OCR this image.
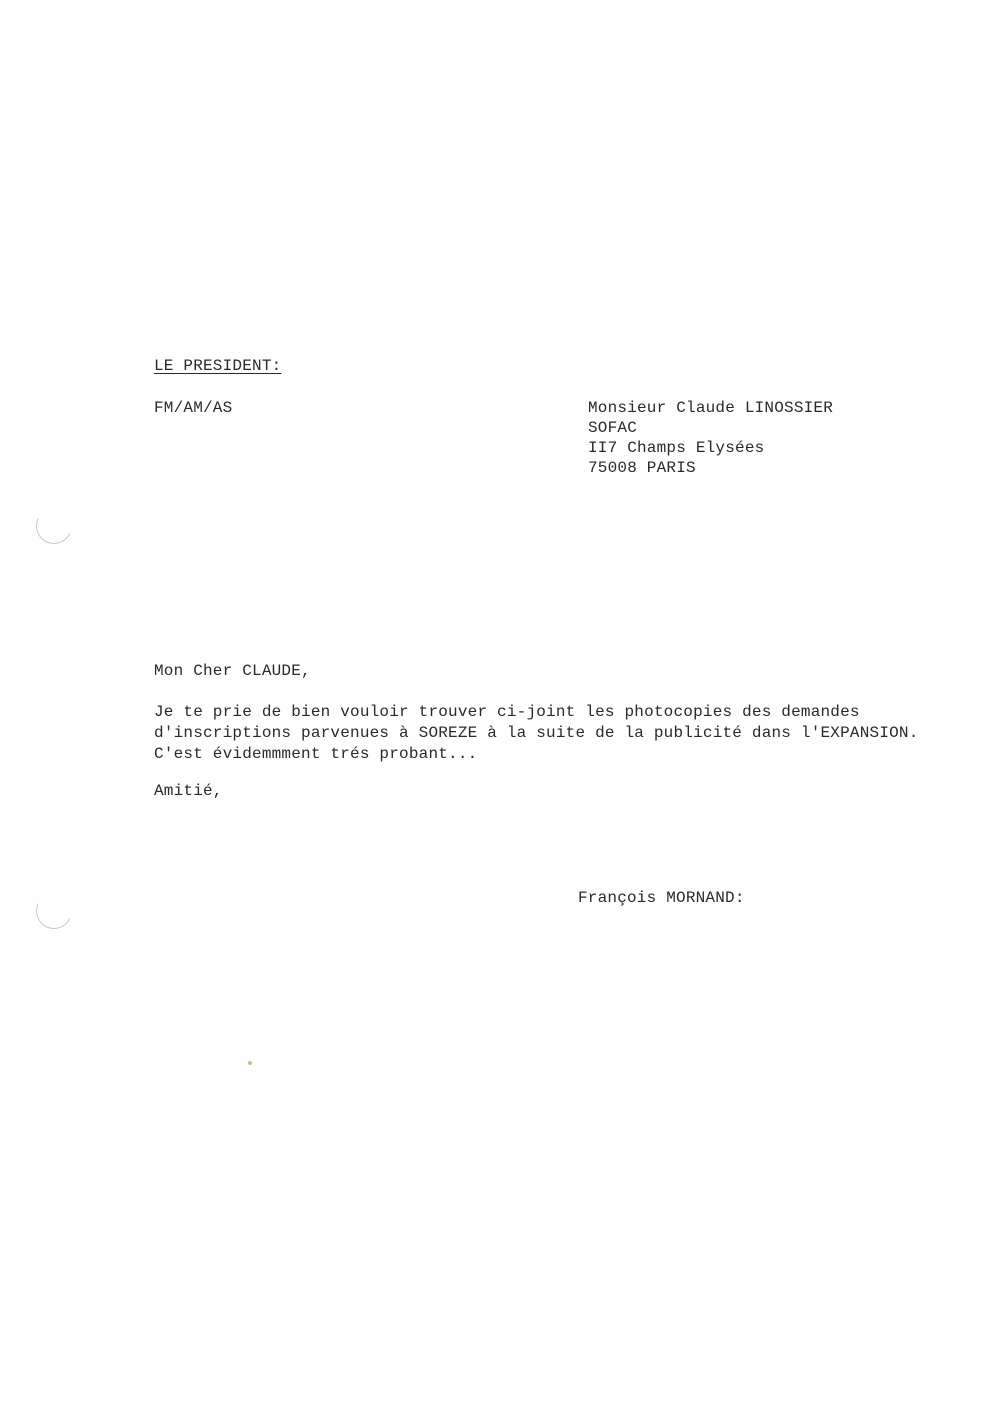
LE PRESIDENT:
FM/AM/AS	Monsieur Claude LINOSSIER
SOFAC
II7 Champs Elysées
75008 PARIS
Mon Cher CLAUDE,
Je te prie de bien vouloir trouver ci-joint les photocopies des demandes
d'inscriptions parvenues à SOREZE à la suite de la publicité dans l'EXPANSION.
C'est évidemmment trés probant...
Amitié,
François MORNAND:
